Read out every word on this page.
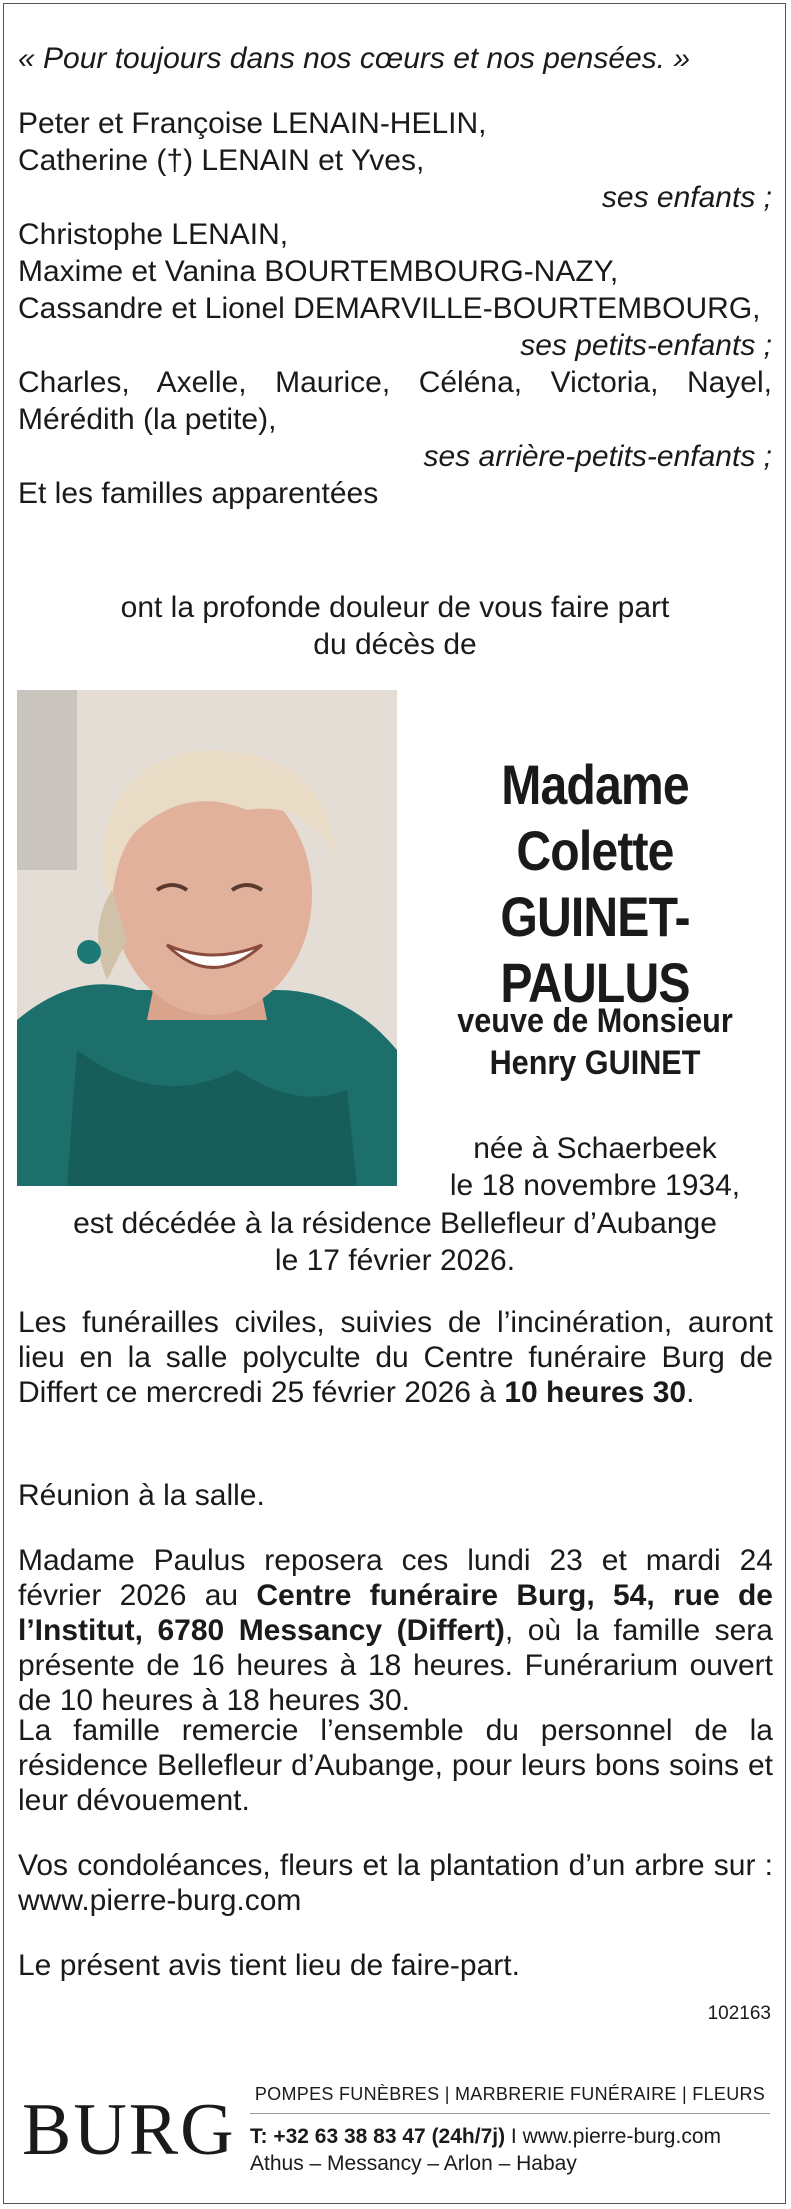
« Pour toujours dans nos cœurs et nos pensées. »
Peter et Françoise LENAIN-HELIN,
Catherine (†) LENAIN et Yves,
ses enfants ;
Christophe LENAIN,
Maxime et Vanina BOURTEMBOURG-NAZY,
Cassandre et Lionel DEMARVILLE-BOURTEMBOURG,
ses petits-enfants ;
Charles, Axelle, Maurice, Céléna, Victoria, Nayel,
Mérédith (la petite),
ses arrière-petits-enfants ;
Et les familles apparentées
ont la profonde douleur de vous faire part
du décès de
Madame
Colette
GUINET-PAULUS
veuve de Monsieur
Henry GUINET
née à Schaerbeek
le 18 novembre 1934,
est décédée à la résidence Bellefleur d’Aubange
le 17 février 2026.
Les funérailles civiles, suivies de l’incinération, auront lieu en la salle polyculte du Centre funéraire Burg de Differt ce mercredi 25 février 2026 à 10 heures 30.
Réunion à la salle.
Madame Paulus reposera ces lundi 23 et mardi 24 février 2026 au Centre funéraire Burg, 54, rue de l’Institut, 6780 Messancy (Differt), où la famille sera présente de 16 heures à 18 heures. Funérarium ouvert de 10 heures à 18 heures 30.
La famille remercie l’ensemble du personnel de la résidence Bellefleur d’Aubange, pour leurs bons soins et leur dévouement.
Vos condoléances, fleurs et la plantation d’un arbre sur : www.pierre-burg.com
Le présent avis tient lieu de faire-part.
102163
BURG POMPES FUNÈBRES | MARBRERIE FUNÉRAIRE | FLEURS
T: +32 63 38 83 47 (24h/7j) I www.pierre-burg.com
Athus – Messancy – Arlon – Habay
